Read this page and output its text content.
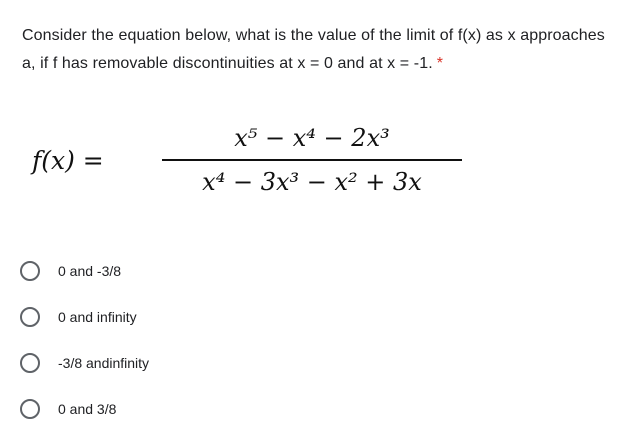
Consider the equation below, what is the value of the limit of f(x) as x approaches a, if f has removable discontinuities at x = 0 and at x = -1. *
f(x) =
x⁵ − x⁴ − 2x³
x⁴ − 3x³ − x² + 3x
0 and -3/8
0 and infinity
-3/8 andinfinity
0 and 3/8
